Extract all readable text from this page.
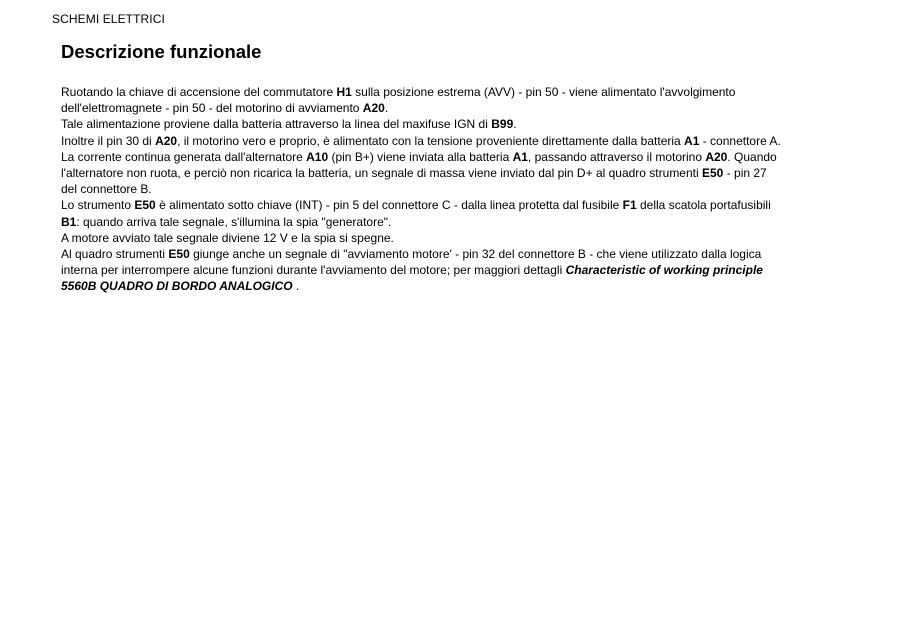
SCHEMI ELETTRICI
Descrizione funzionale
Ruotando la chiave di accensione del commutatore H1 sulla posizione estrema (AVV) - pin 50 - viene alimentato l'avvolgimento
dell'elettromagnete - pin 50 - del motorino di avviamento A20.
Tale alimentazione proviene dalla batteria attraverso la linea del maxifuse IGN di B99.
Inoltre il pin 30 di A20, il motorino vero e proprio, è alimentato con la tensione proveniente direttamente dalla batteria A1 - connettore A.
La corrente continua generata dall'alternatore A10 (pin B+) viene inviata alla batteria A1, passando attraverso il motorino A20. Quando
l'alternatore non ruota, e perciò non ricarica la batteria, un segnale di massa viene inviato dal pin D+ al quadro strumenti E50 - pin 27
del connettore B.
Lo strumento E50 è alimentato sotto chiave (INT) - pin 5 del connettore C - dalla linea protetta dal fusibile F1 della scatola portafusibili
B1: quando arriva tale segnale, s'illumina la spia "generatore".
A motore avviato tale segnale diviene 12 V e la spia si spegne.
Al quadro strumenti E50 giunge anche un segnale di "avviamento motore' - pin 32 del connettore B - che viene utilizzato dalla logica
interna per interrompere alcune funzioni durante l'avviamento del motore; per maggiori dettagli Characteristic of working principle
5560B QUADRO DI BORDO ANALOGICO .
